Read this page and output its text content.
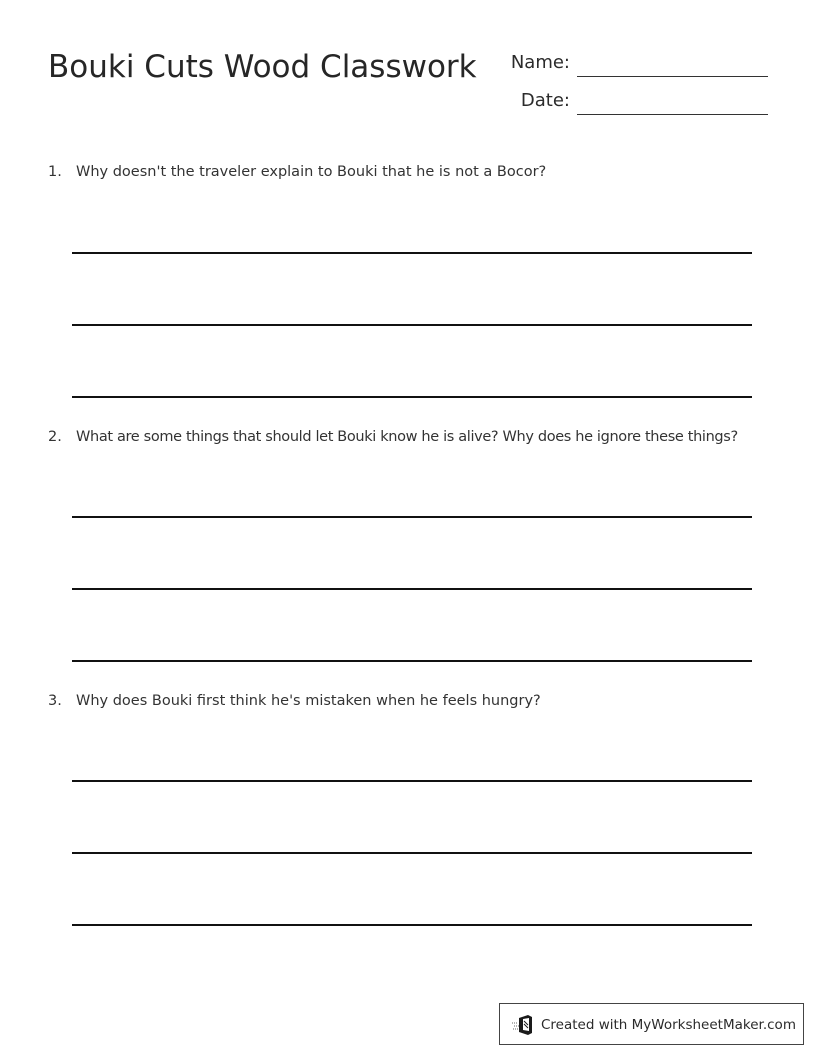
Bouki Cuts Wood Classwork Name:
Date:
1. Why doesn't the traveler explain to Bouki that he is not a Bocor?
2. What are some things that should let Bouki know he is alive? Why does he ignore these things?
3. Why does Bouki first think he's mistaken when he feels hungry?
Created with MyWorksheetMaker.com
